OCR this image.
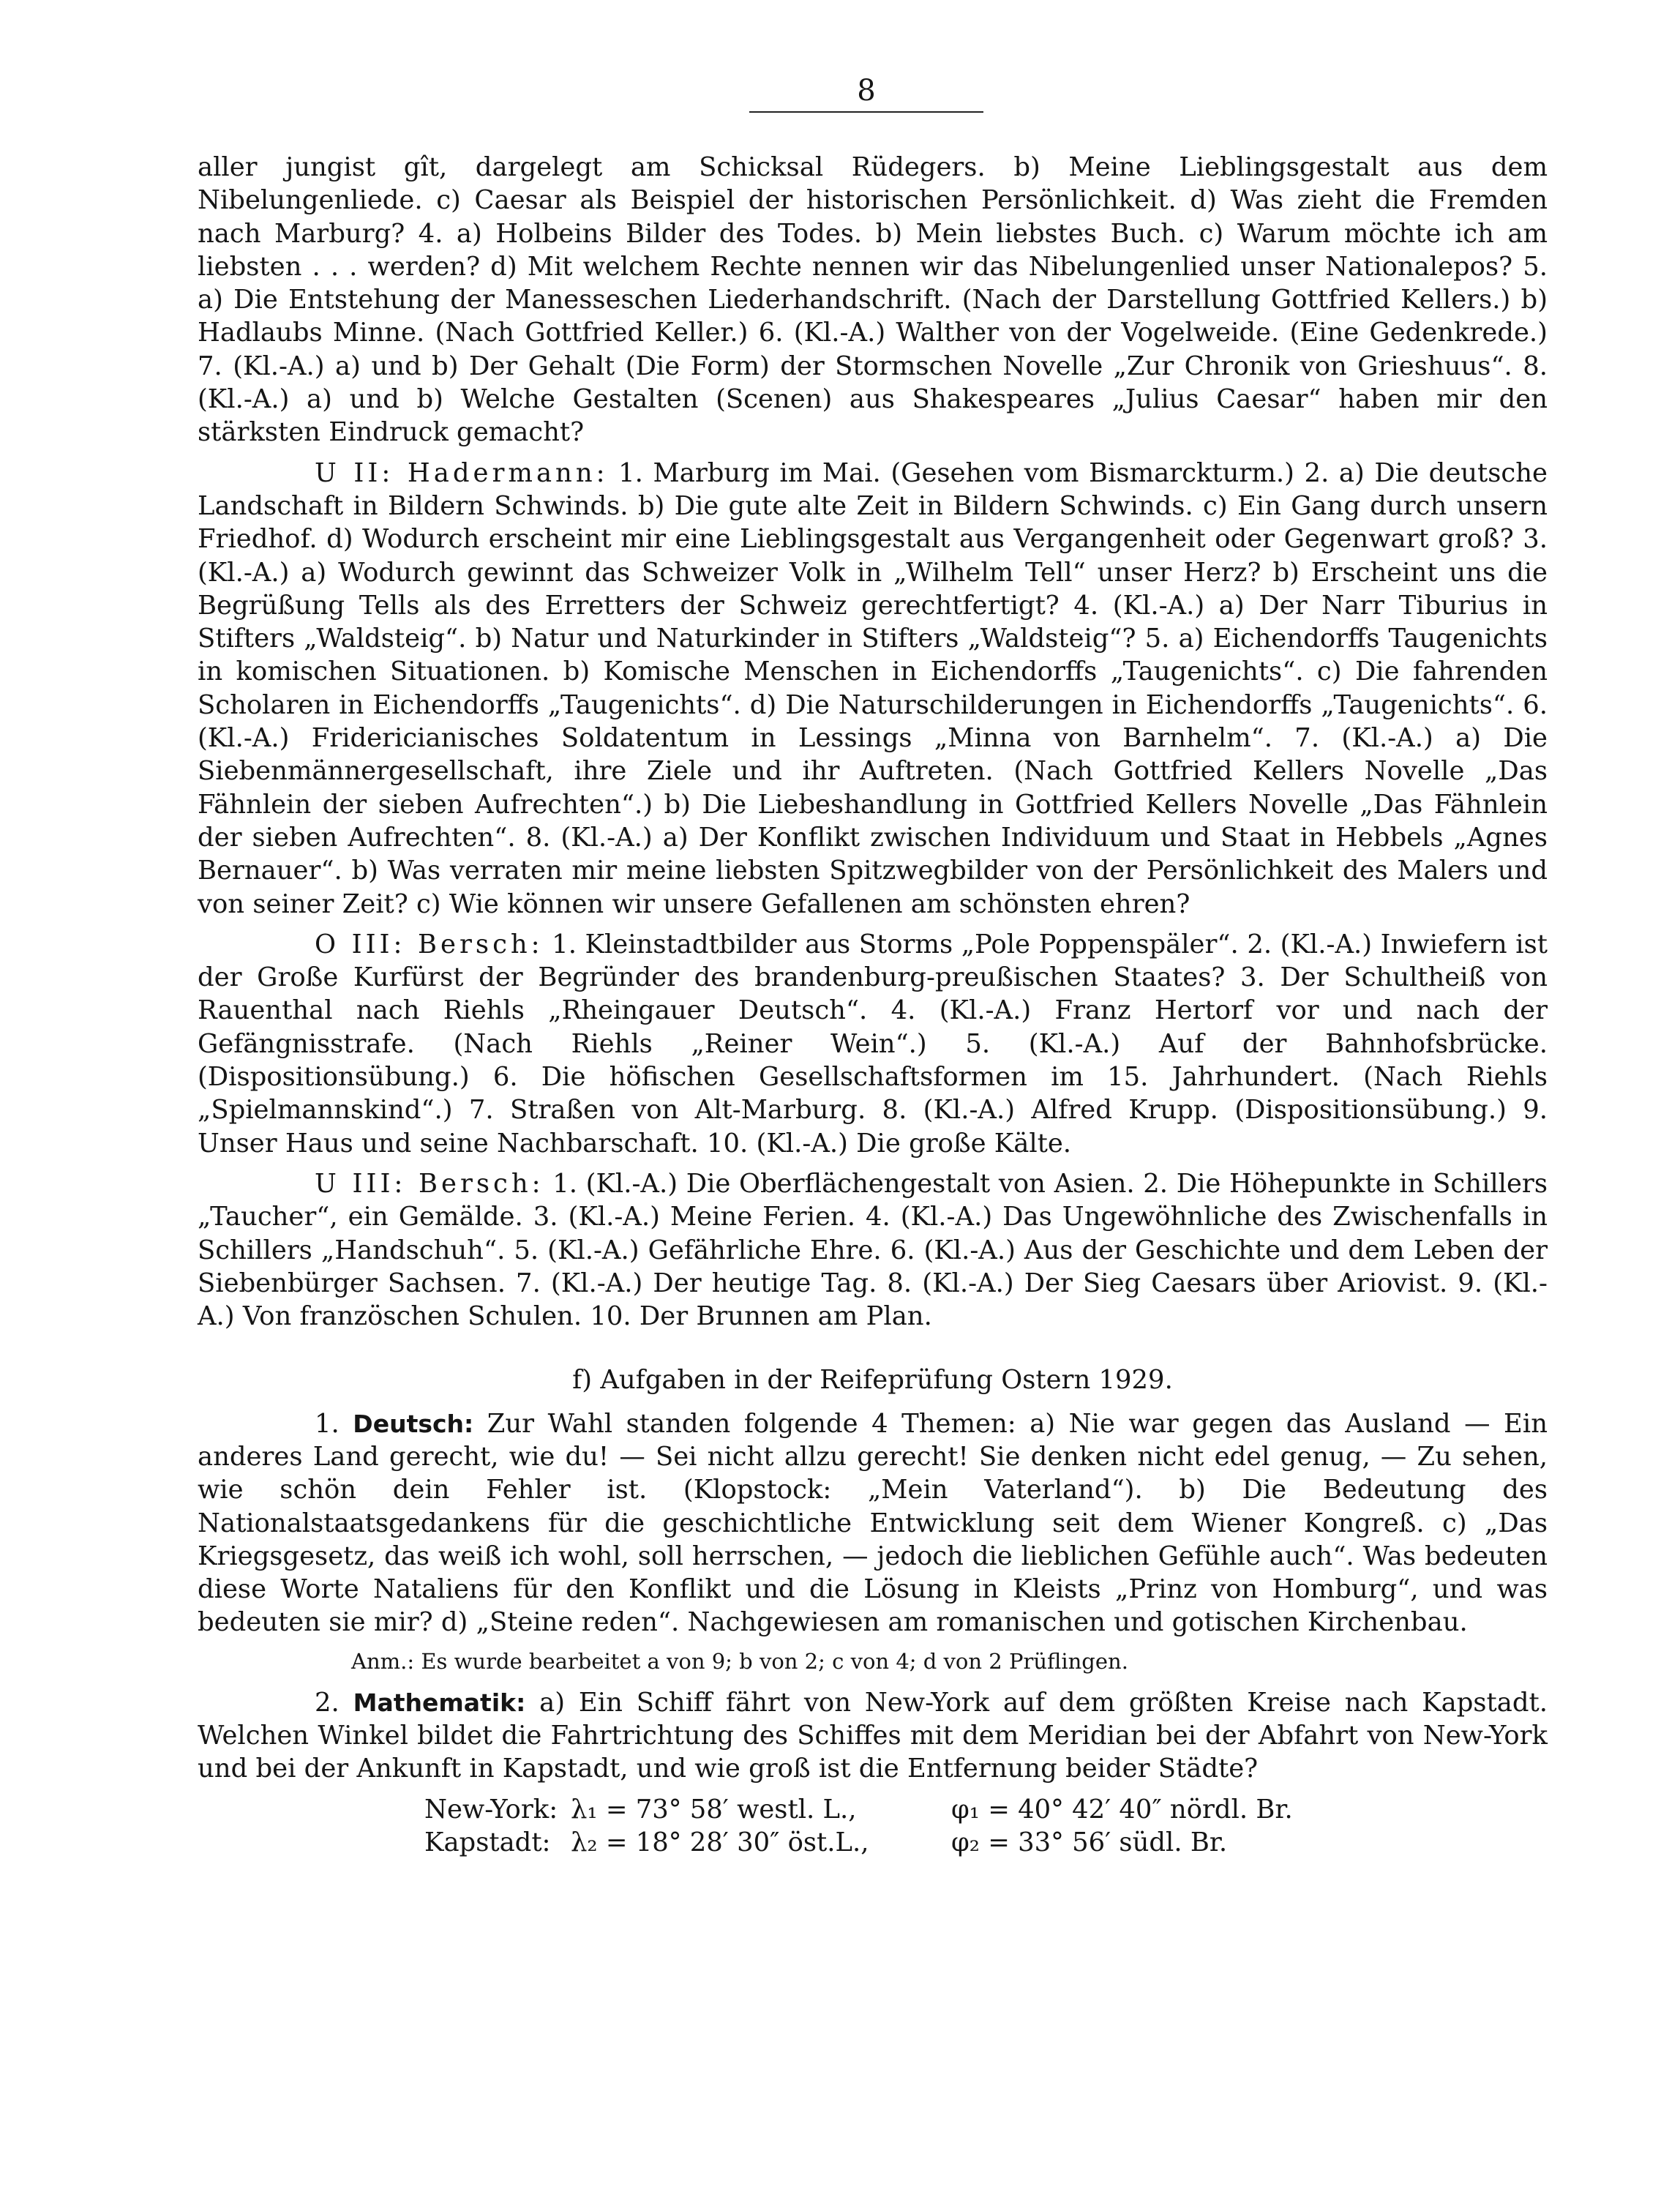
8

aller jungist gît, dargelegt am Schicksal Rüdegers. b) Meine Lieblingsgestalt aus dem Nibelungenliede. c) Caesar als Beispiel der historischen Persönlichkeit. d) Was zieht die Fremden nach Marburg? 4. a) Holbeins Bilder des Todes. b) Mein liebstes Buch. c) Warum möchte ich am liebsten . . . werden? d) Mit welchem Rechte nennen wir das Nibelungenlied unser Nationalepos? 5. a) Die Entstehung der Manesseschen Liederhandschrift. (Nach der Darstellung Gottfried Kellers.) b) Hadlaubs Minne. (Nach Gottfried Keller.) 6. (Kl.-A.) Walther von der Vogelweide. (Eine Gedenkrede.) 7. (Kl.-A.) a) und b) Der Gehalt (Die Form) der Stormschen Novelle „Zur Chronik von Grieshuus“. 8. (Kl.-A.) a) und b) Welche Gestalten (Scenen) aus Shakespeares „Julius Caesar“ haben mir den stärksten Eindruck gemacht?

U II: Hadermann: 1. Marburg im Mai. (Gesehen vom Bismarckturm.) 2. a) Die deutsche Landschaft in Bildern Schwinds. b) Die gute alte Zeit in Bildern Schwinds. c) Ein Gang durch unsern Friedhof. d) Wodurch erscheint mir eine Lieblingsgestalt aus Vergangenheit oder Gegenwart groß? 3. (Kl.-A.) a) Wodurch gewinnt das Schweizer Volk in „Wilhelm Tell“ unser Herz? b) Erscheint uns die Begrüßung Tells als des Erretters der Schweiz gerechtfertigt? 4. (Kl.-A.) a) Der Narr Tiburius in Stifters „Waldsteig“. b) Natur und Naturkinder in Stifters „Waldsteig“? 5. a) Eichendorffs Taugenichts in komischen Situationen. b) Komische Menschen in Eichendorffs „Taugenichts“. c) Die fahrenden Scholaren in Eichendorffs „Taugenichts“. d) Die Naturschilderungen in Eichendorffs „Taugenichts“. 6. (Kl.-A.) Fridericianisches Soldatentum in Lessings „Minna von Barnhelm“. 7. (Kl.-A.) a) Die Siebenmännergesellschaft, ihre Ziele und ihr Auftreten. (Nach Gottfried Kellers Novelle „Das Fähnlein der sieben Aufrechten“.) b) Die Liebeshandlung in Gottfried Kellers Novelle „Das Fähnlein der sieben Aufrechten“. 8. (Kl.-A.) a) Der Konflikt zwischen Individuum und Staat in Hebbels „Agnes Bernauer“. b) Was verraten mir meine liebsten Spitzwegbilder von der Persönlichkeit des Malers und von seiner Zeit? c) Wie können wir unsere Gefallenen am schönsten ehren?

O III: Bersch: 1. Kleinstadtbilder aus Storms „Pole Poppenspäler“. 2. (Kl.-A.) Inwiefern ist der Große Kurfürst der Begründer des brandenburg-preußischen Staates? 3. Der Schultheiß von Rauenthal nach Riehls „Rheingauer Deutsch“. 4. (Kl.-A.) Franz Hertorf vor und nach der Gefängnisstrafe. (Nach Riehls „Reiner Wein“.) 5. (Kl.-A.) Auf der Bahnhofsbrücke. (Dispositionsübung.) 6. Die höfischen Gesellschaftsformen im 15. Jahrhundert. (Nach Riehls „Spielmannskind“.) 7. Straßen von Alt-Marburg. 8. (Kl.-A.) Alfred Krupp. (Dispositionsübung.) 9. Unser Haus und seine Nachbarschaft. 10. (Kl.-A.) Die große Kälte.

U III: Bersch: 1. (Kl.-A.) Die Oberflächengestalt von Asien. 2. Die Höhepunkte in Schillers „Taucher“, ein Gemälde. 3. (Kl.-A.) Meine Ferien. 4. (Kl.-A.) Das Ungewöhnliche des Zwischenfalls in Schillers „Handschuh“. 5. (Kl.-A.) Gefährliche Ehre. 6. (Kl.-A.) Aus der Geschichte und dem Leben der Siebenbürger Sachsen. 7. (Kl.-A.) Der heutige Tag. 8. (Kl.-A.) Der Sieg Caesars über Ariovist. 9. (Kl.-A.) Von französchen Schulen. 10. Der Brunnen am Plan.

f) Aufgaben in der Reifeprüfung Ostern 1929.

1. Deutsch: Zur Wahl standen folgende 4 Themen: a) Nie war gegen das Ausland — Ein anderes Land gerecht, wie du! — Sei nicht allzu gerecht! Sie denken nicht edel genug, — Zu sehen, wie schön dein Fehler ist. (Klopstock: „Mein Vaterland“). b) Die Bedeutung des Nationalstaatsgedankens für die geschichtliche Entwicklung seit dem Wiener Kongreß. c) „Das Kriegsgesetz, das weiß ich wohl, soll herrschen, — jedoch die lieblichen Gefühle auch“. Was bedeuten diese Worte Nataliens für den Konflikt und die Lösung in Kleists „Prinz von Homburg“, und was bedeuten sie mir? d) „Steine reden“. Nachgewiesen am romanischen und gotischen Kirchenbau.

Anm.: Es wurde bearbeitet a von 9; b von 2; c von 4; d von 2 Prüflingen.

2. Mathematik: a) Ein Schiff fährt von New-York auf dem größten Kreise nach Kapstadt. Welchen Winkel bildet die Fahrtrichtung des Schiffes mit dem Meridian bei der Abfahrt von New-York und bei der Ankunft in Kapstadt, und wie groß ist die Entfernung beider Städte?

New-York: λ₁ = 73° 58′ westl. L.,	φ₁ = 40° 42′ 40″ nördl. Br.
Kapstadt: λ₂ = 18° 28′ 30″ öst.L.,	φ₂ = 33° 56′ südl. Br.
